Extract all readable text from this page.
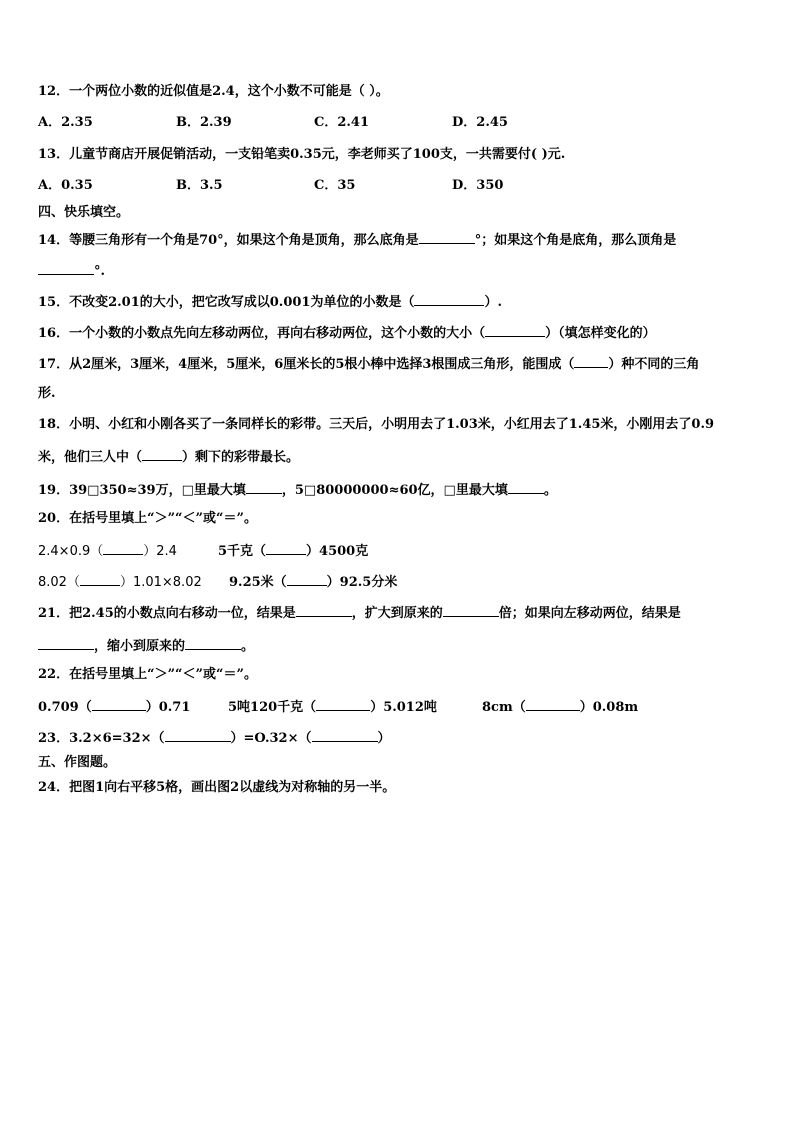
12．一个两位小数的近似值是2.4，这个小数不可能是（ ）。
A．2.35	B．2.39	C．2.41	D．2.45
13．儿童节商店开展促销活动，一支铅笔卖0.35元，李老师买了100支，一共需要付( )元.
A．0.35	B．3.5	C．35	D．350
四、快乐填空。
14．等腰三角形有一个角是70°，如果这个角是顶角，那么底角是	°；如果这个角是底角，那么顶角是
°.
15．不改变2.01的大小，把它改写成以0.001为单位的小数是（	）.
16．一个小数的小数点先向左移动两位，再向右移动两位，这个小数的大小（	）（填怎样变化的）
17．从2厘米，3厘米，4厘米，5厘米，6厘米长的5根小棒中选择3根围成三角形，能围成（	）种不同的三角
形.
18．小明、小红和小刚各买了一条同样长的彩带。三天后，小明用去了1.03米，小红用去了1.45米，小刚用去了0.9
米，他们三人中（	）剩下的彩带最长。
19．39□350≈39万，□里最大填	，5□80000000≈60亿，□里最大填	。
20．在括号里填上“＞”“＜”或“＝”。
2.4×0.9（	）2.4	5千克（	）4500克
8.02（	）1.01×8.02 9.25米（	）92.5分米
21．把2.45的小数点向右移动一位，结果是	，扩大到原来的	倍；如果向左移动两位，结果是
，缩小到原来的	。
22．在括号里填上“＞”“＜”或“＝”。
0.709（	）0.71	5吨120千克（	）5.012吨	8cm（	）0.08m
23．3.2×6=32×（	）=O.32×（	）
五、作图题。
24．把图1向右平移5格，画出图2以虚线为对称轴的另一半。
